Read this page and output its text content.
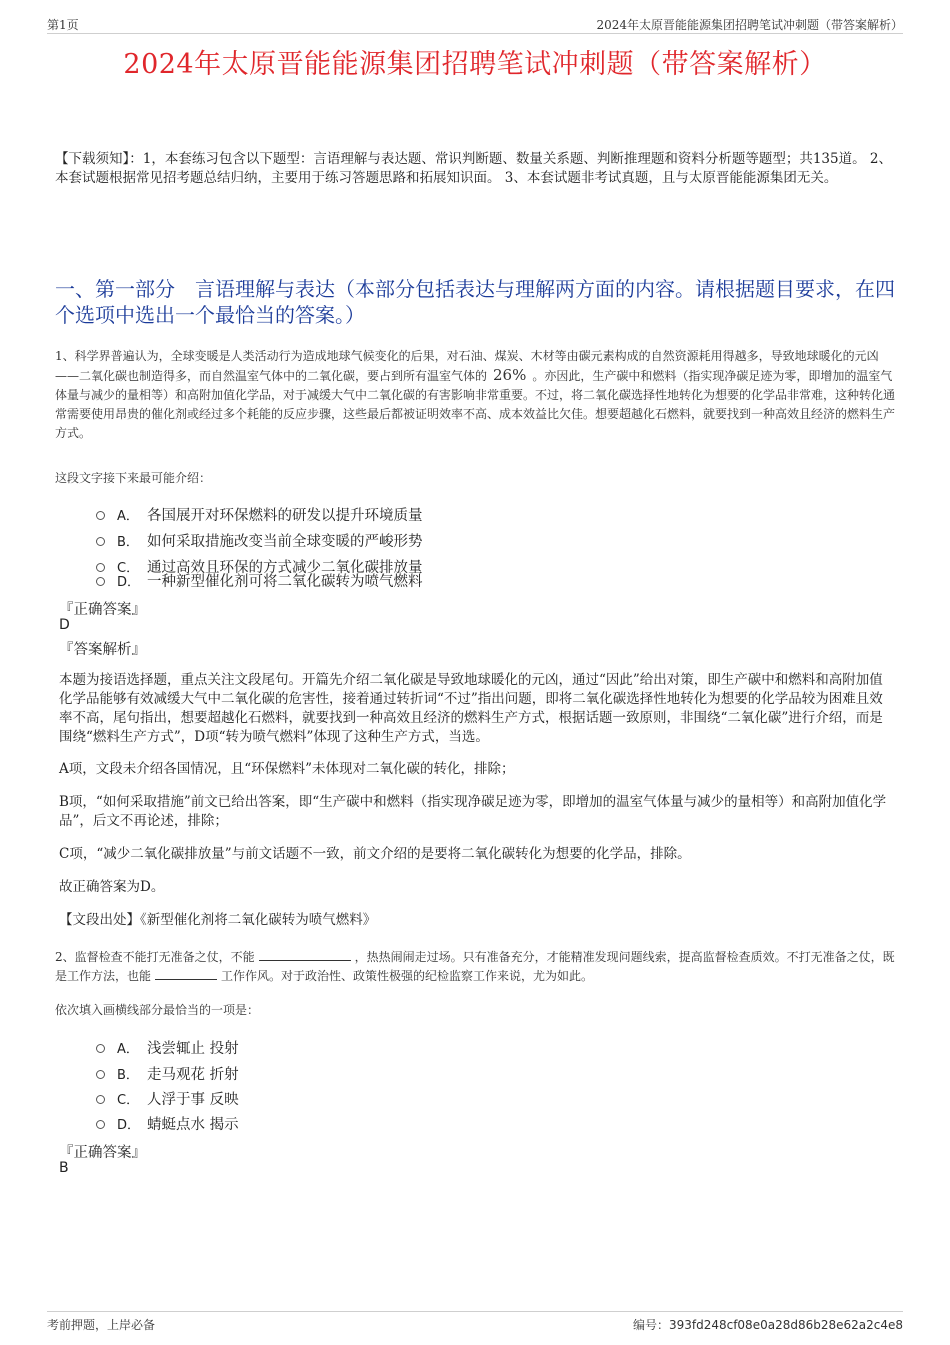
第1页	2024年太原晋能能源集团招聘笔试冲刺题（带答案解析）
2024年太原晋能能源集团招聘笔试冲刺题（带答案解析）
【下载须知】：1，本套练习包含以下题型：言语理解与表达题、常识判断题、数量关系题、判断推理题和资料分析题等题型；共135道。 2、本套试题根据常见招考题总结归纳，主要用于练习答题思路和拓展知识面。 3、本套试题非考试真题，且与太原晋能能源集团无关。
一、第一部分　言语理解与表达（本部分包括表达与理解两方面的内容。请根据题目要求，在四个选项中选出一个最恰当的答案。）
1、科学界普遍认为，全球变暖是人类活动行为造成地球气候变化的后果，对石油、煤炭、木材等由碳元素构成的自然资源耗用得越多，导致地球暖化的元凶——二氧化碳也制造得多，而自然温室气体中的二氧化碳，要占到所有温室气体的 26% 。亦因此，生产碳中和燃料（指实现净碳足迹为零，即增加的温室气体量与减少的量相等）和高附加值化学品，对于减缓大气中二氧化碳的有害影响非常重要。不过，将二氧化碳选择性地转化为想要的化学品非常难，这种转化通常需要使用昂贵的催化剂或经过多个耗能的反应步骤，这些最后都被证明效率不高、成本效益比欠佳。想要超越化石燃料，就要找到一种高效且经济的燃料生产方式。
这段文字接下来最可能介绍：
A． 各国展开对环保燃料的研发以提升环境质量
B． 如何采取措施改变当前全球变暖的严峻形势
C． 通过高效且环保的方式减少二氧化碳排放量
D． 一种新型催化剂可将二氧化碳转为喷气燃料
『正确答案』
D
『答案解析』
本题为接语选择题，重点关注文段尾句。开篇先介绍二氧化碳是导致地球暖化的元凶，通过“因此”给出对策，即生产碳中和燃料和高附加值化学品能够有效减缓大气中二氧化碳的危害性，接着通过转折词“不过”指出问题，即将二氧化碳选择性地转化为想要的化学品较为困难且效率不高，尾句指出，想要超越化石燃料，就要找到一种高效且经济的燃料生产方式，根据话题一致原则，非围绕“二氧化碳”进行介绍，而是围绕“燃料生产方式”，D项“转为喷气燃料”体现了这种生产方式，当选。
A项，文段未介绍各国情况，且“环保燃料”未体现对二氧化碳的转化，排除；
B项，“如何采取措施”前文已给出答案，即“生产碳中和燃料（指实现净碳足迹为零，即增加的温室气体量与减少的量相等）和高附加值化学品”，后文不再论述，排除；
C项，“减少二氧化碳排放量”与前文话题不一致，前文介绍的是要将二氧化碳转化为想要的化学品，排除。
故正确答案为D。
【文段出处】《新型催化剂将二氧化碳转为喷气燃料》
2、监督检查不能打无准备之仗，不能	，热热闹闹走过场。只有准备充分，才能精准发现问题线索，提高监督检查质效。不打无准备之仗，既是工作方法，也能	工作作风。对于政治性、政策性极强的纪检监察工作来说，尤为如此。
依次填入画横线部分最恰当的一项是：
A． 浅尝辄止 投射
B． 走马观花 折射
C． 人浮于事 反映
D． 蜻蜓点水 揭示
『正确答案』
B
考前押题，上岸必备	编号：393fd248cf08e0a28d86b28e62a2c4e8
